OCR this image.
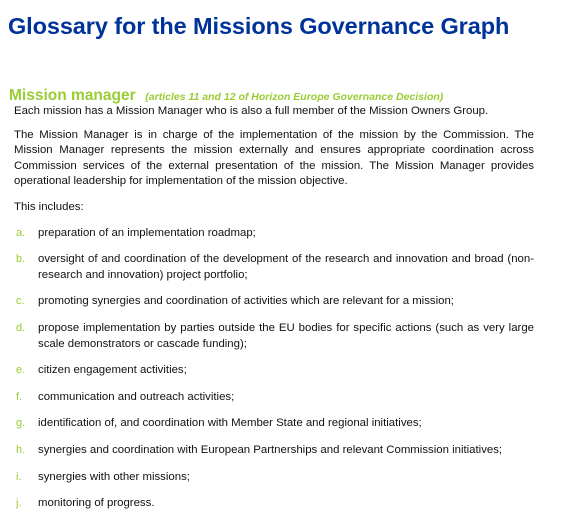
Glossary for the Missions Governance Graph
Mission manager (articles 11 and 12 of Horizon Europe Governance Decision)

Each mission has a Mission Manager who is also a full member of the Mission Owners Group.

The Mission Manager is in charge of the implementation of the mission by the Commission. The Mission Manager represents the mission externally and ensures appropriate coordination across Commission services of the external presentation of the mission. The Mission Manager provides operational leadership for implementation of the mission objective.

This includes:

a.	preparation of an implementation roadmap;
b.	oversight of and coordination of the development of the research and innovation and broad (non-research and innovation) project portfolio;
c.	promoting synergies and coordination of activities which are relevant for a mission;
d.	propose implementation by parties outside the EU bodies for specific actions (such as very large scale demonstrators or cascade funding);
e.	citizen engagement activities;
f.	communication and outreach activities;
g.	identification of, and coordination with Member State and regional initiatives;
h.	synergies and coordination with European Partnerships and relevant Commission initiatives;
i.	synergies with other missions;
j.	monitoring of progress.
